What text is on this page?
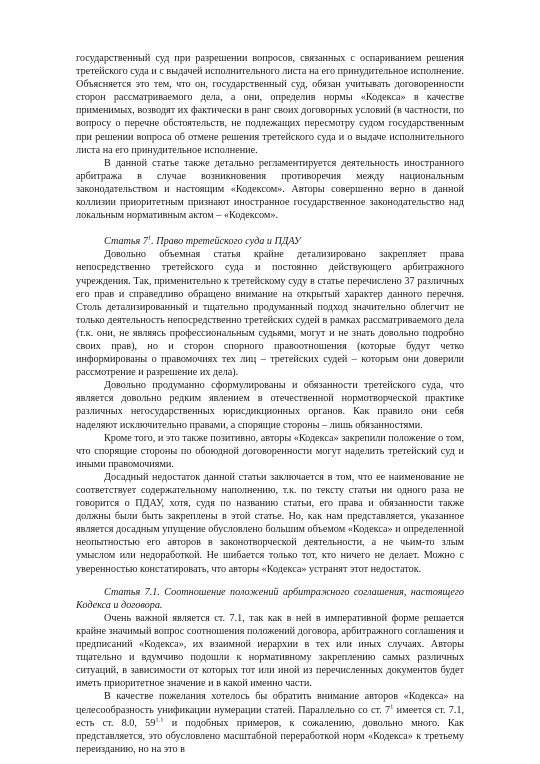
государственный суд при разрешении вопросов, связанных с оспариванием решения третейского суда и с выдачей исполнительного листа на его принудительное исполнение. Объясняется это тем, что он, государственный суд, обязан учитывать договоренности сторон рассматриваемого дела, а они, определив нормы «Кодекса» в качестве применимых, возводят их фактически в ранг своих договорных условий (в частности, по вопросу о перечне обстоятельств, не подлежащих пересмотру судом государственным при решении вопроса об отмене решения третейского суда и о выдаче исполнительного листа на его принудительное исполнение.

В данной статье также детально регламентируется деятельность иностранного арбитража в случае возникновения противоречия между национальным законодательством и настоящим «Кодексом». Авторы совершенно верно в данной коллизии приоритетным признают иностранное государственное законодательство над локальным нормативным актом – «Кодексом».

Статья $7^1$. Право третейского суда и ПДАУ

Довольно объемная статья крайне детализировано закрепляет права непосредственно третейского суда и постоянно действующего арбитражного учреждения. Так, применительно к третейскому суду в статье перечислено 37 различных его прав и справедливо обращено внимание на открытый характер данного перечня. Столь детализированный и тщательно продуманный подход значительно облегчит не только деятельность непосредственно третейских судей в рамках рассматриваемого дела (т.к. они, не являясь профессиональным судьями, могут и не знать довольно подробно своих прав), но и сторон спорного правоотношения (которые будут четко информированы о правомочиях тех лиц – третейских судей – которым они доверили рассмотрение и разрешение их дела).

Довольно продуманно сформулированы и обязанности третейского суда, что является довольно редким явлением в отечественной нормотворческой практике различных негосударственных юрисдикционных органов. Как правило они себя наделяют исключительно правами, а спорящие стороны – лишь обязанностями.

Кроме того, и это также позитивно, авторы «Кодекса» закрепили положение о том, что спорящие стороны по обоюдной договоренности могут наделить третейский суд и иными правомочиями.

Досадный недостаток данной статьи заключается в том, что ее наименование не соответствует содержательному наполнению, т.к. по тексту статьи ни одного раза не говорится о ПДАУ, хотя, судя по названию статьи, его права и обязанности также должны были быть закреплены в этой статье. Но, как нам представляется, указанное является досадным упущение обусловлено большим объемом «Кодекса» и определенной неопытностью его авторов в законотворческой деятельности, а не чьим-то злым умыслом или недоработкой. Не шибается только тот, кто ничего не делает. Можно с уверенностью констатировать, что авторы «Кодекса» устранят этот недостаток.

Статья 7.1. Соотношение положений арбитражного соглашения, настоящего Кодекса и договора.

Очень важной является ст. 7.1, так как в ней в императивной форме решается крайне значимый вопрос соотношения положений договора, арбитражного соглашения и предписаний «Кодекса», их взаимной иерархии в тех или иных случаях. Авторы тщательно и вдумчиво подошли к нормативному закреплению самых различных ситуаций, в зависимости от которых тот или иной из перечисленных документов будет иметь приоритетное значение и в какой именно части.

В качестве пожелания хотелось бы обратить внимание авторов «Кодекса» на целесообразность унификации нумерации статей. Параллельно со ст. $7^1$ имеется ст. 7.1, есть ст. 8.0, $59^{1.1}$ и подобных примеров, к сожалению, довольно много. Как представляется, это обусловлено масштабной переработкой норм «Кодекса» к третьему переизданию, но на это в
